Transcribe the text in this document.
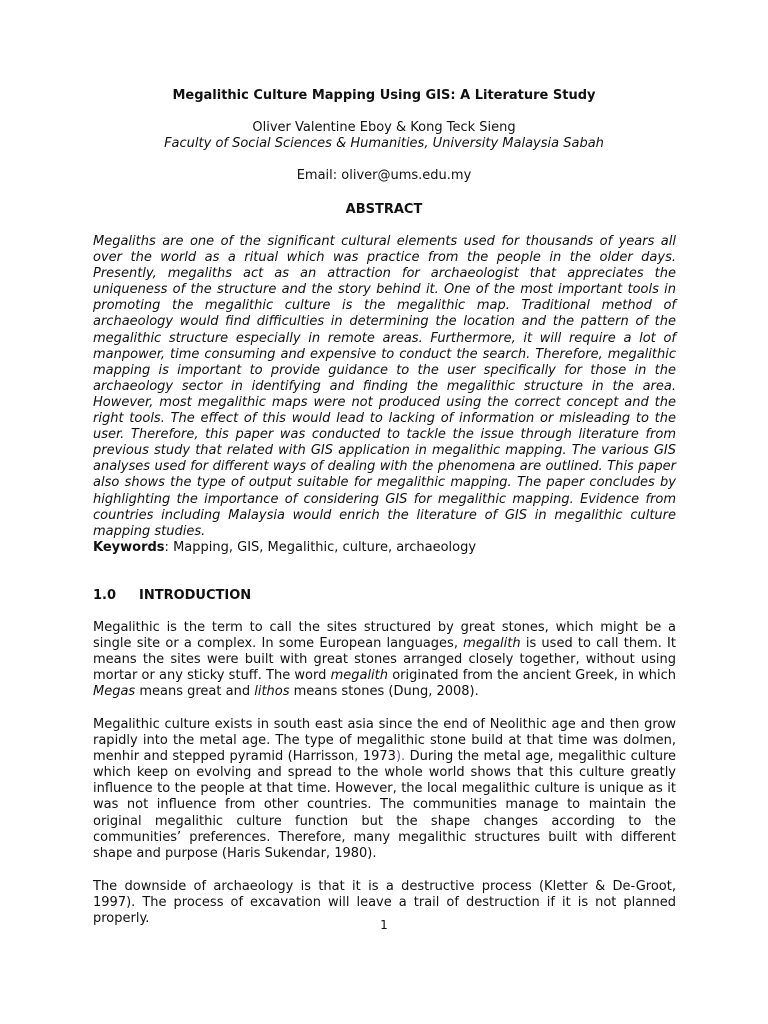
Megalithic Culture Mapping Using GIS: A Literature Study
Oliver Valentine Eboy & Kong Teck Sieng
Faculty of Social Sciences & Humanities, University Malaysia Sabah
Email: oliver@ums.edu.my
ABSTRACT
Megaliths are one of the significant cultural elements used for thousands of years all over the world as a ritual which was practice from the people in the older days. Presently, megaliths act as an attraction for archaeologist that appreciates the uniqueness of the structure and the story behind it. One of the most important tools in promoting the megalithic culture is the megalithic map. Traditional method of archaeology would find difficulties in determining the location and the pattern of the megalithic structure especially in remote areas. Furthermore, it will require a lot of manpower, time consuming and expensive to conduct the search. Therefore, megalithic mapping is important to provide guidance to the user specifically for those in the archaeology sector in identifying and finding the megalithic structure in the area. However, most megalithic maps were not produced using the correct concept and the right tools. The effect of this would lead to lacking of information or misleading to the user. Therefore, this paper was conducted to tackle the issue through literature from previous study that related with GIS application in megalithic mapping. The various GIS analyses used for different ways of dealing with the phenomena are outlined. This paper also shows the type of output suitable for megalithic mapping. The paper concludes by highlighting the importance of considering GIS for megalithic mapping. Evidence from countries including Malaysia would enrich the literature of GIS in megalithic culture mapping studies.
Keywords: Mapping, GIS, Megalithic, culture, archaeology
1.0 INTRODUCTION
Megalithic is the term to call the sites structured by great stones, which might be a single site or a complex. In some European languages, megalith is used to call them. It means the sites were built with great stones arranged closely together, without using mortar or any sticky stuff. The word megalith originated from the ancient Greek, in which Megas means great and lithos means stones (Dung, 2008).
Megalithic culture exists in south east asia since the end of Neolithic age and then grow rapidly into the metal age. The type of megalithic stone build at that time was dolmen, menhir and stepped pyramid (Harrisson, 1973). During the metal age, megalithic culture which keep on evolving and spread to the whole world shows that this culture greatly influence to the people at that time. However, the local megalithic culture is unique as it was not influence from other countries. The communities manage to maintain the original megalithic culture function but the shape changes according to the communities’ preferences. Therefore, many megalithic structures built with different shape and purpose (Haris Sukendar, 1980).
The downside of archaeology is that it is a destructive process (Kletter & De-Groot, 1997). The process of excavation will leave a trail of destruction if it is not planned properly.	1
